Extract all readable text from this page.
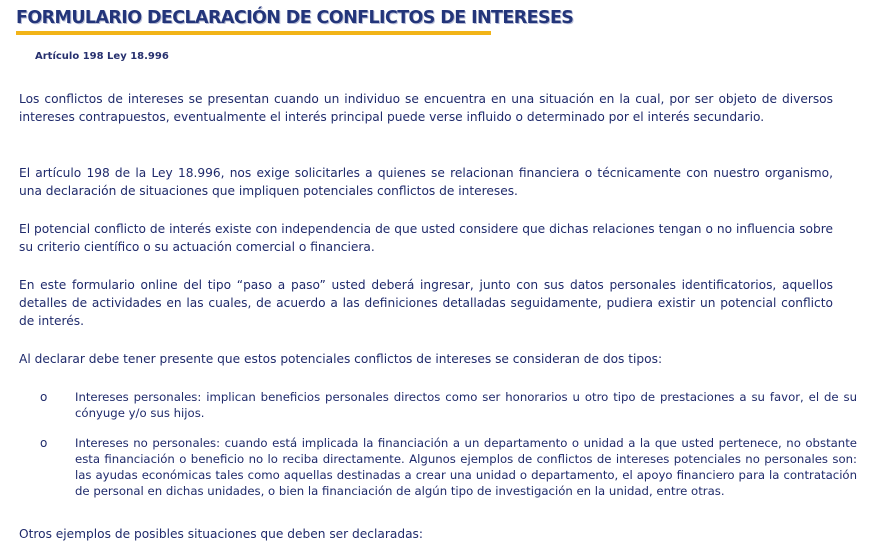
FORMULARIO DECLARACIÓN DE CONFLICTOS DE INTERESES
Artículo 198 Ley 18.996

Los conflictos de intereses se presentan cuando un individuo se encuentra en una situación en la cual, por ser objeto de diversos intereses contrapuestos, eventualmente el interés principal puede verse influido o determinado por el interés secundario.

El artículo 198 de la Ley 18.996, nos exige solicitarles a quienes se relacionan financiera o técnicamente con nuestro organismo, una declaración de situaciones que impliquen potenciales conflictos de intereses.

El potencial conflicto de interés existe con independencia de que usted considere que dichas relaciones tengan o no influencia sobre su criterio científico o su actuación comercial o financiera.

En este formulario online del tipo “paso a paso” usted deberá ingresar, junto con sus datos personales identificatorios, aquellos detalles de actividades en las cuales, de acuerdo a las definiciones detalladas seguidamente, pudiera existir un potencial conflicto de interés.

Al declarar debe tener presente que estos potenciales conflictos de intereses se consideran de dos tipos:

o Intereses personales: implican beneficios personales directos como ser honorarios u otro tipo de prestaciones a su favor, el de su cónyuge y/o sus hijos.

o Intereses no personales: cuando está implicada la financiación a un departamento o unidad a la que usted pertenece, no obstante esta financiación o beneficio no lo reciba directamente. Algunos ejemplos de conflictos de intereses potenciales no personales son: las ayudas económicas tales como aquellas destinadas a crear una unidad o departamento, el apoyo financiero para la contratación de personal en dichas unidades, o bien la financiación de algún tipo de investigación en la unidad, entre otras.

Otros ejemplos de posibles situaciones que deben ser declaradas:
